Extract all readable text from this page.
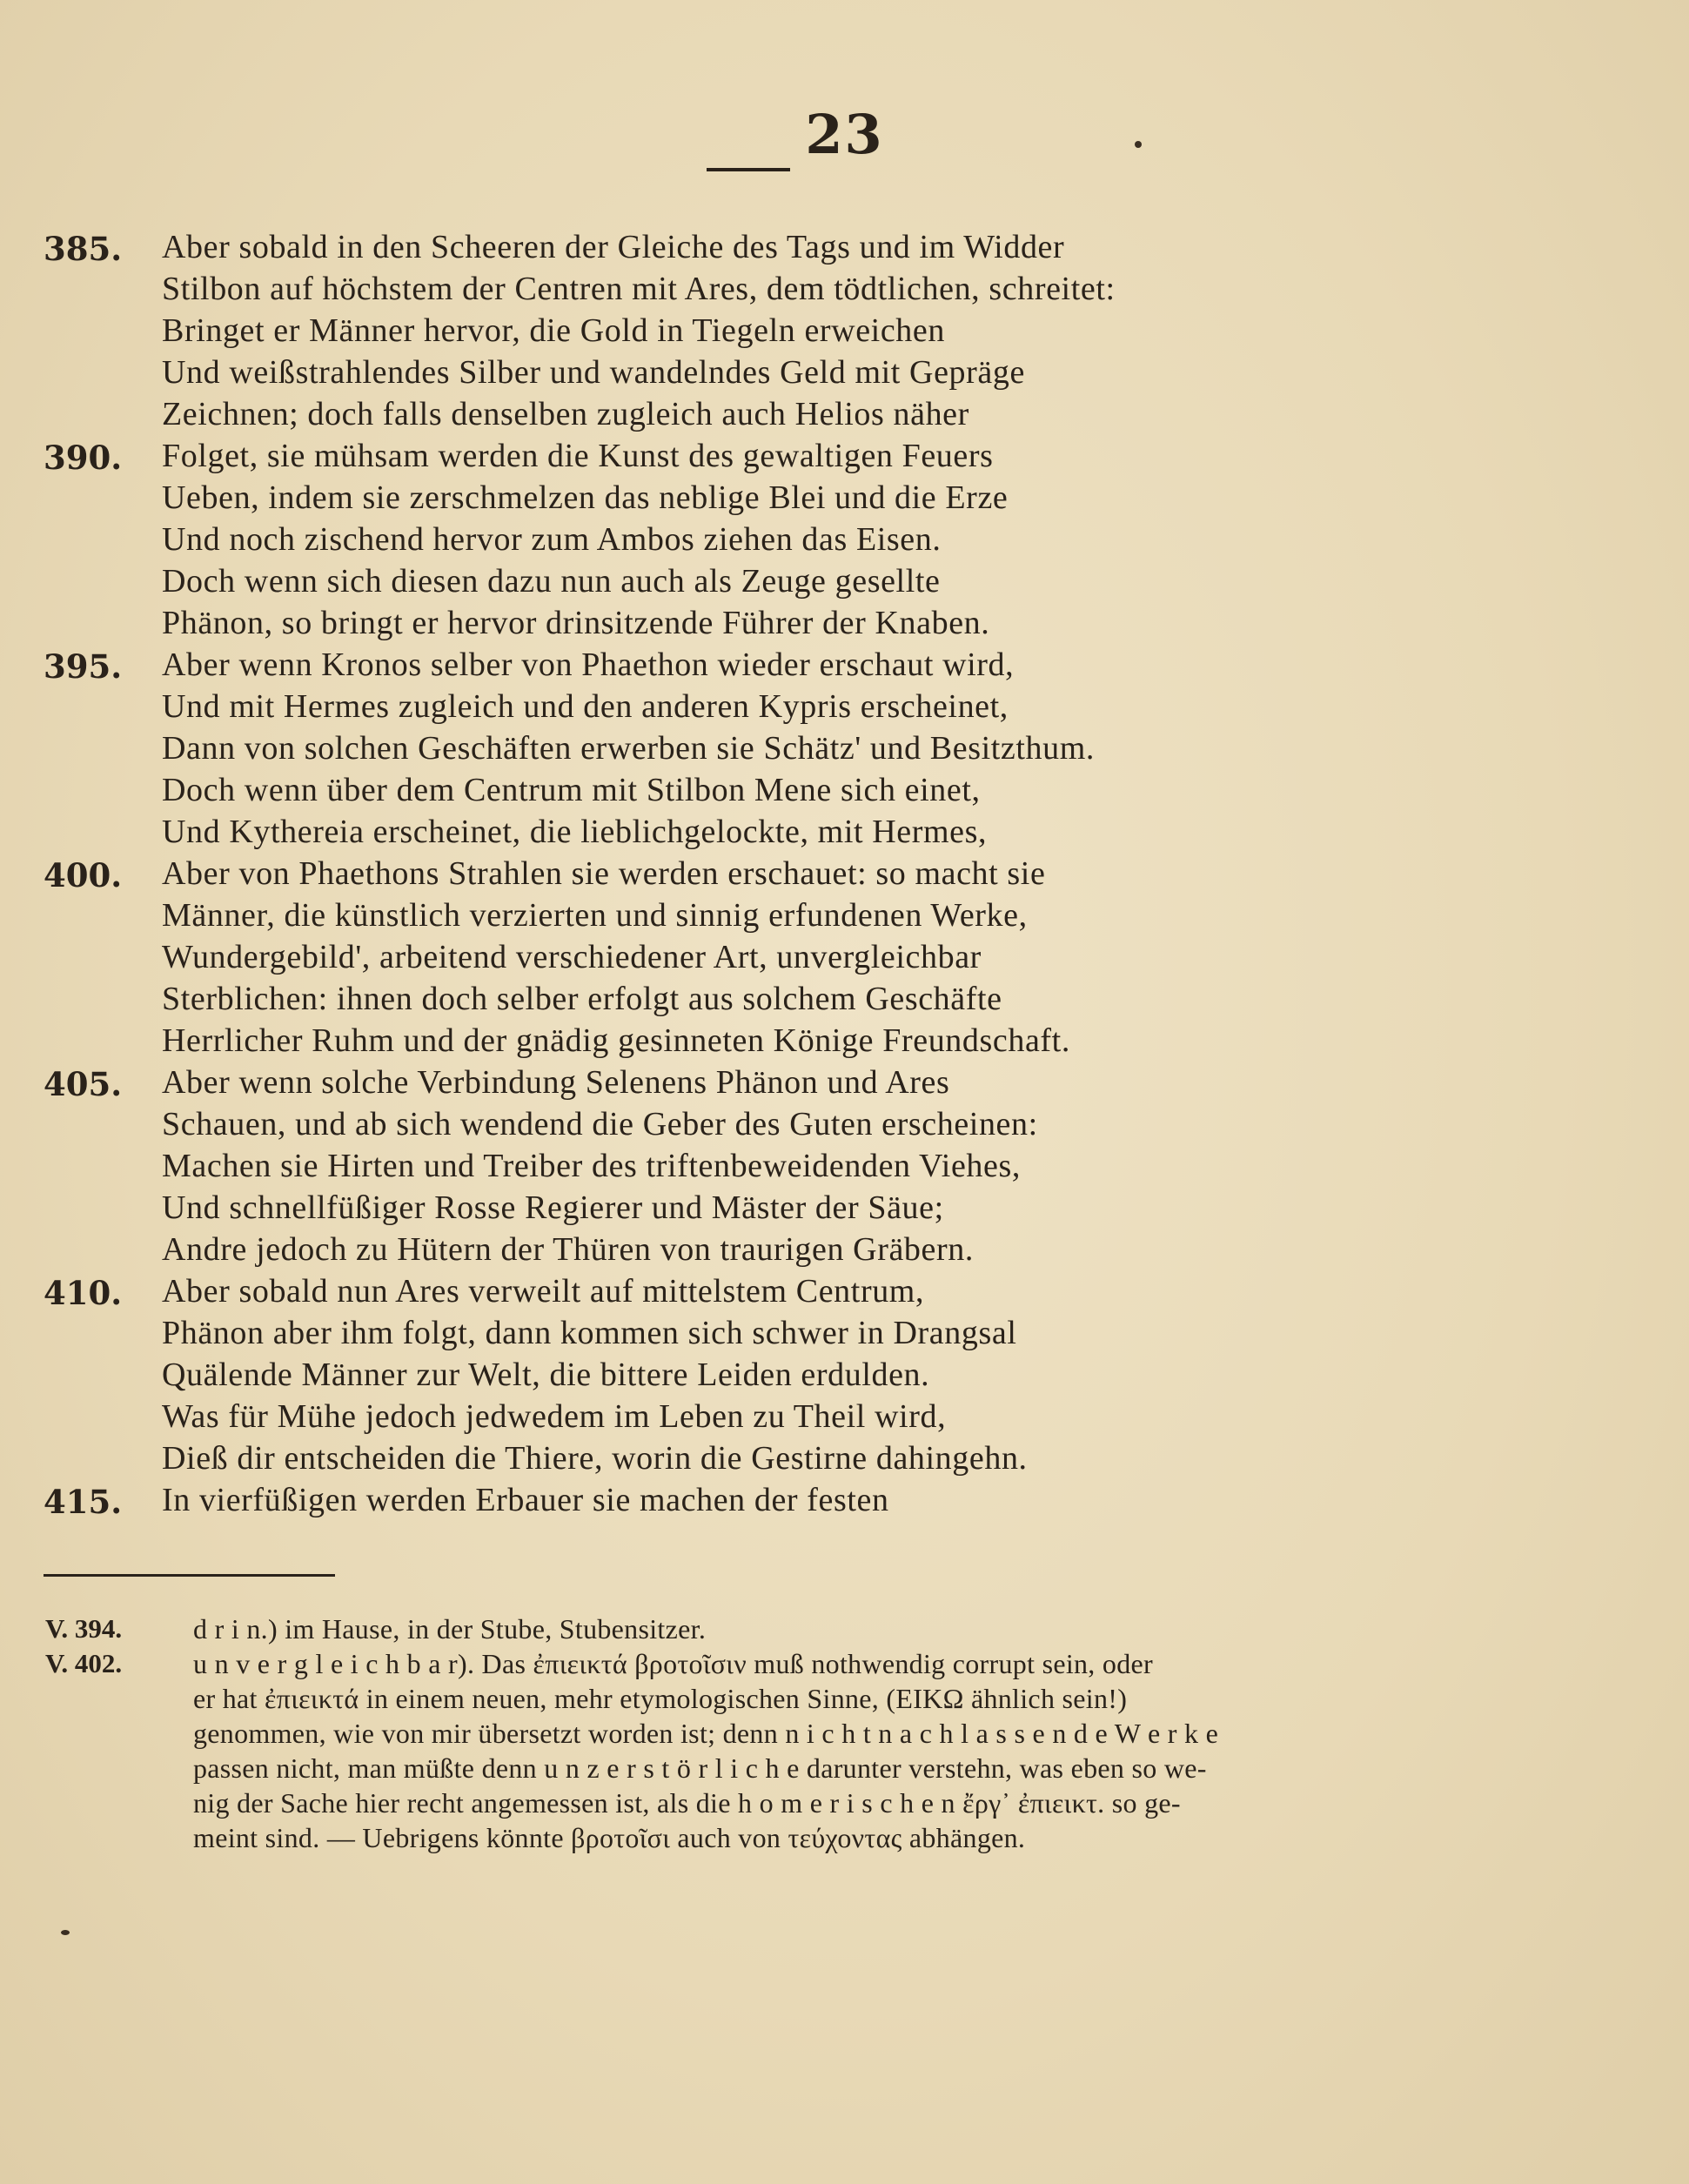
23
385.	Aber sobald in den Scheeren der Gleiche des Tags und im Widder
Stilbon auf höchstem der Centren mit Ares, dem tödtlichen, schreitet:
Bringet er Männer hervor, die Gold in Tiegeln erweichen
Und weißstrahlendes Silber und wandelndes Geld mit Gepräge
Zeichnen; doch falls denselben zugleich auch Helios näher
390.	Folget, sie mühsam werden die Kunst des gewaltigen Feuers
Ueben, indem sie zerschmelzen das neblige Blei und die Erze
Und noch zischend hervor zum Ambos ziehen das Eisen.
Doch wenn sich diesen dazu nun auch als Zeuge gesellte
Phänon, so bringt er hervor drinsitzende Führer der Knaben.
395.	Aber wenn Kronos selber von Phaethon wieder erschaut wird,
Und mit Hermes zugleich und den anderen Kypris erscheinet,
Dann von solchen Geschäften erwerben sie Schätz' und Besitzthum.
Doch wenn über dem Centrum mit Stilbon Mene sich einet,
Und Kythereia erscheinet, die lieblichgelockte, mit Hermes,
400.	Aber von Phaethons Strahlen sie werden erschauet: so macht sie
Männer, die künstlich verzierten und sinnig erfundenen Werke,
Wundergebild', arbeitend verschiedener Art, unvergleichbar
Sterblichen: ihnen doch selber erfolgt aus solchem Geschäfte
Herrlicher Ruhm und der gnädig gesinneten Könige Freundschaft.
405.	Aber wenn solche Verbindung Selenens Phänon und Ares
Schauen, und ab sich wendend die Geber des Guten erscheinen:
Machen sie Hirten und Treiber des triftenbeweidenden Viehes,
Und schnellfüßiger Rosse Regierer und Mäster der Säue;
Andre jedoch zu Hütern der Thüren von traurigen Gräbern.
410.	Aber sobald nun Ares verweilt auf mittelstem Centrum,
Phänon aber ihm folgt, dann kommen sich schwer in Drangsal
Quälende Männer zur Welt, die bittere Leiden erdulden.
Was für Mühe jedoch jedwedem im Leben zu Theil wird,
Dieß dir entscheiden die Thiere, worin die Gestirne dahingehn.
415.	In vierfüßigen werden Erbauer sie machen der festen
V. 394.	d r i n.) im Hause, in der Stube, Stubensitzer.
V. 402.	u n v e r g l e i c h b a r). Das ἐπιεικτά βροτοῖσιν muß nothwendig corrupt sein, oder
er hat ἐπιεικτά in einem neuen, mehr etymologischen Sinne, (EIKΩ ähnlich sein!)
genommen, wie von mir übersetzt worden ist; denn n i c h t n a c h l a s s e n d e W e r k e
passen nicht, man müßte denn u n z e r s t ö r l i c h e darunter verstehn, was eben so we-
nig der Sache hier recht angemessen ist, als die h o m e r i s c h e n ἔργ᾽ ἐπιεικτ. so ge-
meint sind. — Uebrigens könnte βροτοῖσι auch von τεύχοντας abhängen.
